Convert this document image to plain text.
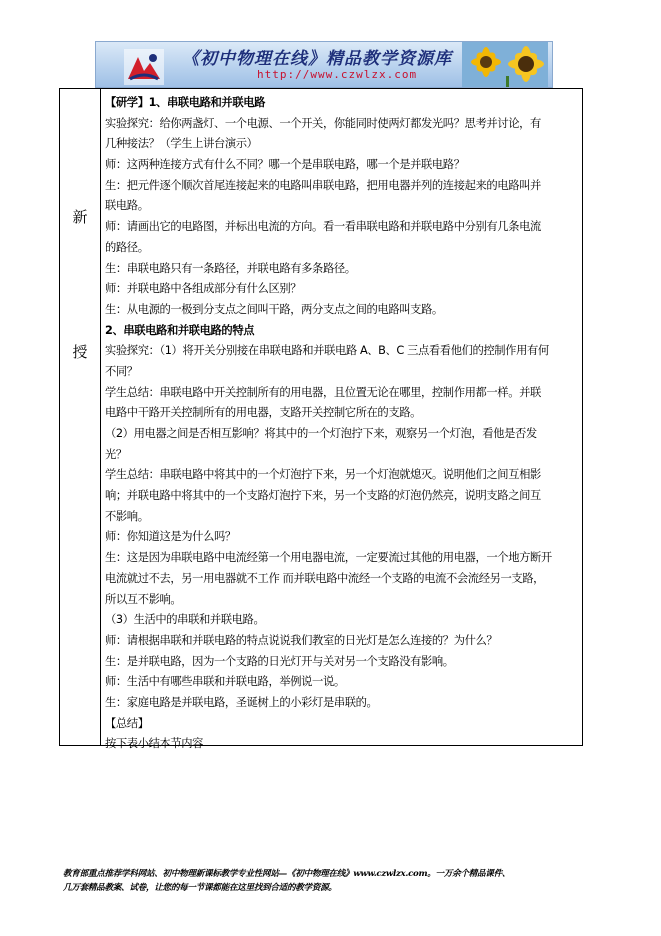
《初中物理在线》精品教学资源库
http://www.czwlzx.com
新
授
【研学】1、串联电路和并联电路
实验探究：给你两盏灯、一个电源、一个开关，你能同时使两灯都发光吗？思考并讨论，有
几种接法？（学生上讲台演示）
师：这两种连接方式有什么不同？哪一个是串联电路，哪一个是并联电路？
生：把元件逐个顺次首尾连接起来的电路叫串联电路，把用电器并列的连接起来的电路叫并
联电路。
师：请画出它的电路图，并标出电流的方向。看一看串联电路和并联电路中分别有几条电流
的路径。
生：串联电路只有一条路径，并联电路有多条路径。
师：并联电路中各组成部分有什么区别？
生：从电源的一极到分支点之间叫干路，两分支点之间的电路叫支路。
2、串联电路和并联电路的特点
实验探究：（1）将开关分别接在串联电路和并联电路 A、B、C 三点看看他们的控制作用有何
不同？
学生总结：串联电路中开关控制所有的用电器，且位置无论在哪里，控制作用都一样。并联
电路中干路开关控制所有的用电器，支路开关控制它所在的支路。
（2）用电器之间是否相互影响？将其中的一个灯泡拧下来，观察另一个灯泡，看他是否发
光？
学生总结：串联电路中将其中的一个灯泡拧下来，另一个灯泡就熄灭。说明他们之间互相影
响；并联电路中将其中的一个支路灯泡拧下来，另一个支路的灯泡仍然亮，说明支路之间互
不影响。
师：你知道这是为什么吗？
生：这是因为串联电路中电流经第一个用电器电流，一定要流过其他的用电器，一个地方断开
电流就过不去，另一用电器就不工作 而并联电路中流经一个支路的电流不会流经另一支路，
所以互不影响。
（3）生活中的串联和并联电路。
师：请根据串联和并联电路的特点说说我们教室的日光灯是怎么连接的？为什么？
生：是并联电路，因为一个支路的日光灯开与关对另一个支路没有影响。
师：生活中有哪些串联和并联电路，举例说一说。
生：家庭电路是并联电路，圣诞树上的小彩灯是串联的。
【总结】
按下表小结本节内容
教育部重点推荐学科网站、初中物理新课标教学专业性网站—《初中物理在线》www.czwlzx.com。一万余个精品课件、
几万套精品教案、试卷，让您的每一节课都能在这里找到合适的教学资源。
